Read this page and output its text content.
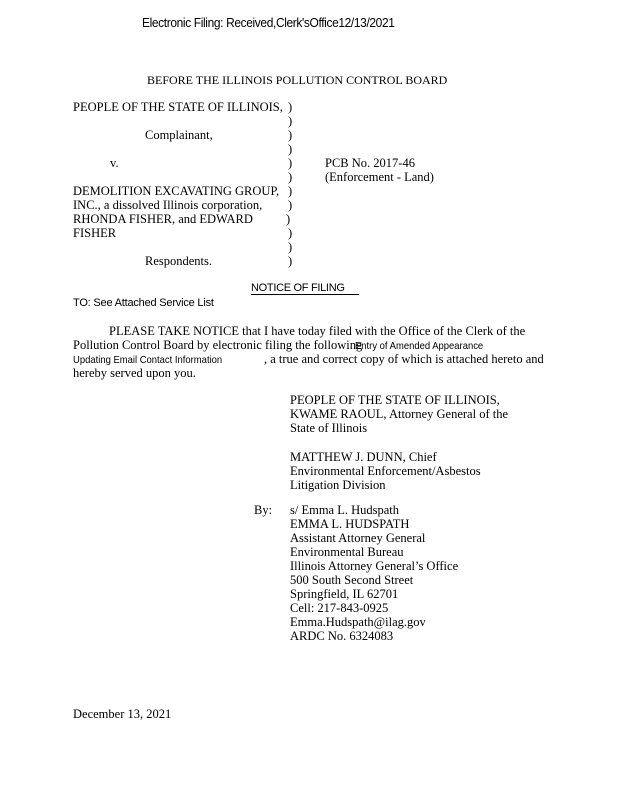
Electronic Filing: Received,Clerk'sOffice12/13/2021
BEFORE THE ILLINOIS POLLUTION CONTROL BOARD
PEOPLE OF THE STATE OF ILLINOIS,
Complainant,
v.
DEMOLITION EXCAVATING GROUP,
INC., a dissolved Illinois corporation,
RHONDA FISHER, and EDWARD
FISHER
Respondents.
)
)
)
)
)
)
)
)
)
)
)
)
PCB No. 2017-46
(Enforcement - Land)
NOTICE OF FILING
TO: See Attached Service List
PLEASE TAKE NOTICE that I have today filed with the Office of the Clerk of the
Pollution Control Board by electronic filing the following
Entry of Amended Appearance
Updating Email Contact Information	, a true and correct copy of which is attached hereto and
hereby served upon you.
PEOPLE OF THE STATE OF ILLINOIS,
KWAME RAOUL, Attorney General of the
State of Illinois
MATTHEW J. DUNN, Chief
Environmental Enforcement/Asbestos
Litigation Division
By: s/ Emma L. Hudspath
EMMA L. HUDSPATH
Assistant Attorney General
Environmental Bureau
Illinois Attorney General’s Office
500 South Second Street
Springfield, IL 62701
Cell: 217-843-0925
Emma.Hudspath@ilag.gov
ARDC No. 6324083
December 13, 2021
